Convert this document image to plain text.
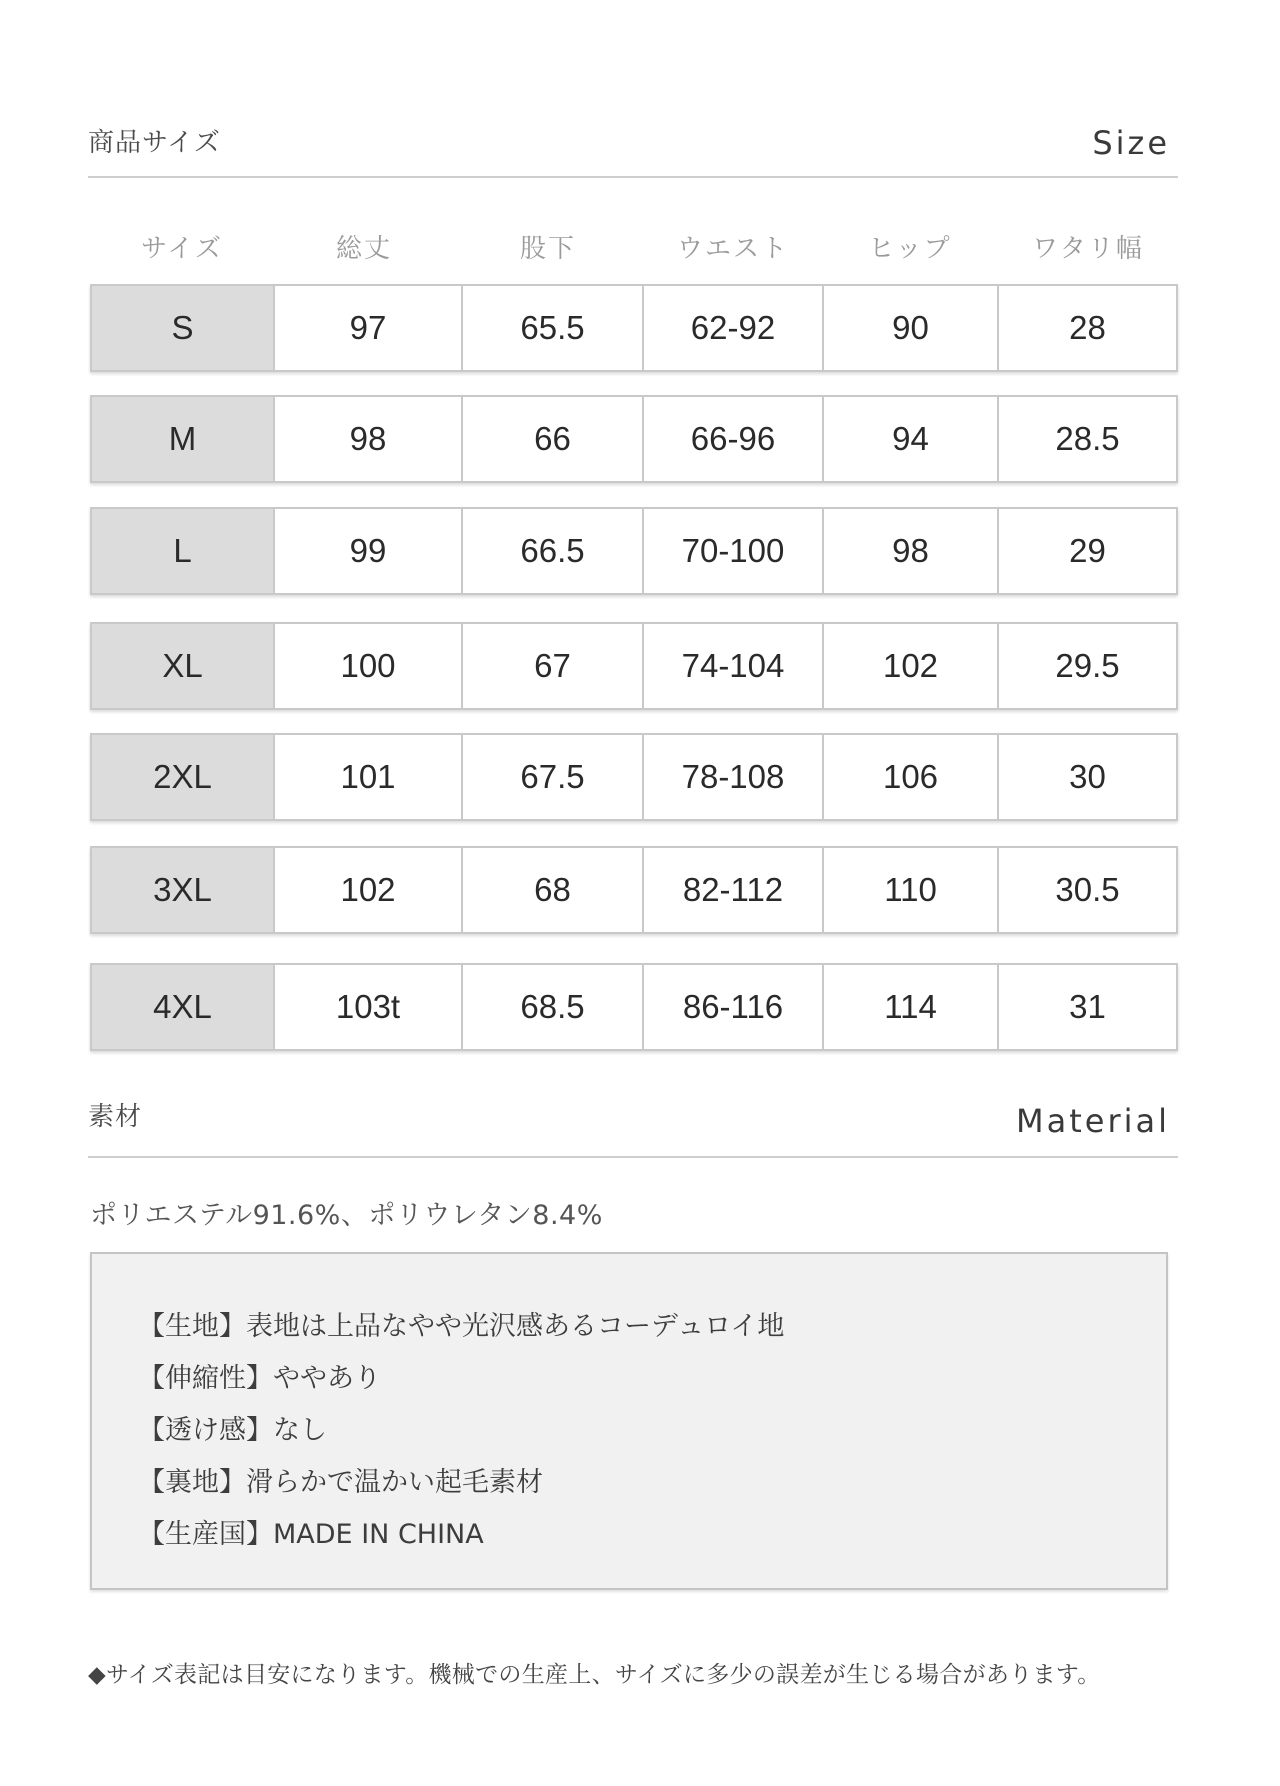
商品サイズ	Size
サイズ	総丈	股下	ウエスト	ヒップ	ワタリ幅
S	97	65.5	62-92	90	28
M	98	66	66-96	94	28.5
L	99	66.5	70-100	98	29
XL	100	67	74-104	102	29.5
2XL	101	67.5	78-108	106	30
3XL	102	68	82-112	110	30.5
4XL	103t	68.5	86-116	114	31
素材	Material
ポリエステル91.6%、ポリウレタン8.4%
【生地】表地は上品なやや光沢感あるコーデュロイ地
【伸縮性】ややあり
【透け感】なし
【裏地】滑らかで温かい起毛素材
【生産国】MADE IN CHINA
◆サイズ表記は目安になります。機械での生産上、サイズに多少の誤差が生じる場合があります。
